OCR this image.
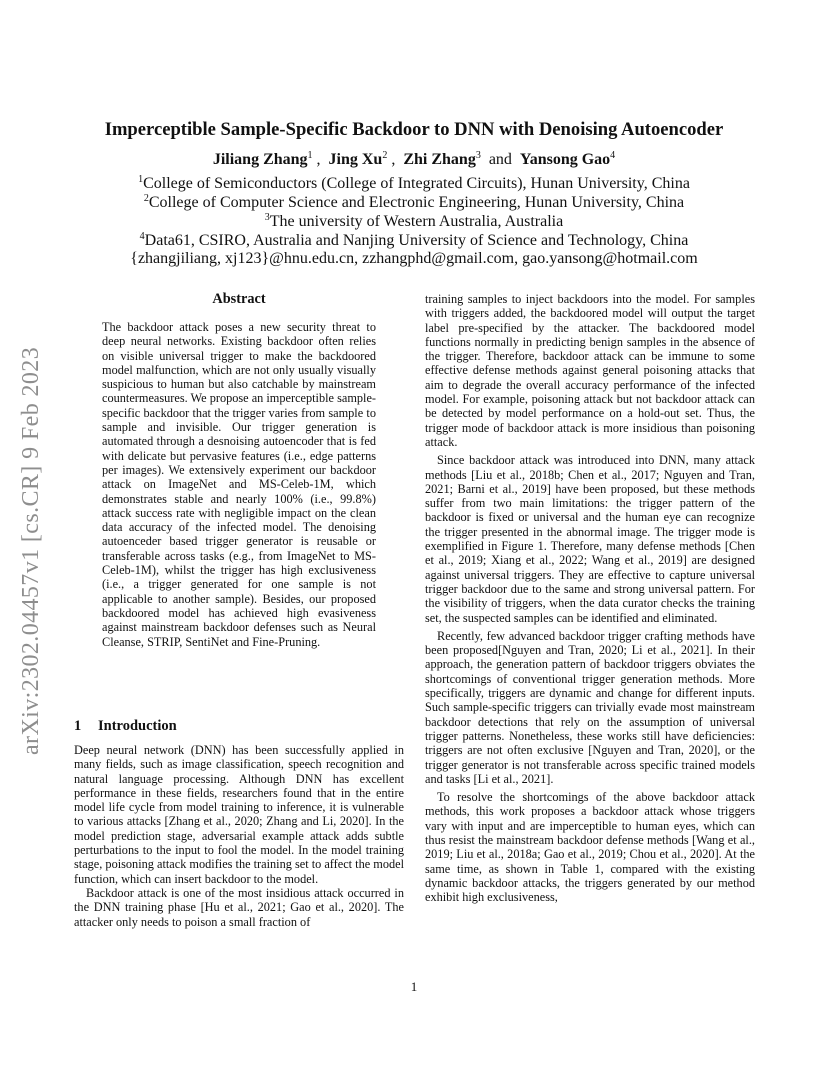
arXiv:2302.04457v1 [cs.CR] 9 Feb 2023
Imperceptible Sample-Specific Backdoor to DNN with Denoising Autoencoder
Jiliang Zhang$^1$ ,  Jing Xu$^2$ ,  Zhi Zhang$^3$ and Yansong Gao$^4$
$^1$College of Semiconductors (College of Integrated Circuits), Hunan University, China
$^2$College of Computer Science and Electronic Engineering, Hunan University, China
$^3$The university of Western Australia, Australia
$^4$Data61, CSIRO, Australia and Nanjing University of Science and Technology, China
{zhangjiliang, xj123}@hnu.edu.cn, zzhangphd@gmail.com, gao.yansong@hotmail.com
Abstract

The backdoor attack poses a new security threat to deep neural networks. Existing backdoor often relies on visible universal trigger to make the backdoored model malfunction, which are not only usually visually suspicious to human but also catchable by mainstream countermeasures. We propose an imperceptible sample-specific backdoor that the trigger varies from sample to sample and invisible. Our trigger generation is automated through a desnoising autoencoder that is fed with delicate but pervasive features (i.e., edge patterns per images). We extensively experiment our backdoor attack on ImageNet and MS-Celeb-1M, which demonstrates stable and nearly 100% (i.e., 99.8%) attack success rate with negligible impact on the clean data accuracy of the infected model. The denoising autoenceder based trigger generator is reusable or transferable across tasks (e.g., from ImageNet to MS-Celeb-1M), whilst the trigger has high exclusiveness (i.e., a trigger generated for one sample is not applicable to another sample). Besides, our proposed backdoored model has achieved high evasiveness against mainstream backdoor defenses such as Neural Cleanse, STRIP, SentiNet and Fine-Pruning.

1 Introduction

Deep neural network (DNN) has been successfully applied in many fields, such as image classification, speech recognition and natural language processing. Although DNN has excellent performance in these fields, researchers found that in the entire model life cycle from model training to inference, it is vulnerable to various attacks [Zhang et al., 2020; Zhang and Li, 2020]. In the model prediction stage, adversarial example attack adds subtle perturbations to the input to fool the model. In the model training stage, poisoning attack modifies the training set to affect the model function, which can insert backdoor to the model.

Backdoor attack is one of the most insidious attack occurred in the DNN training phase [Hu et al., 2021; Gao et al., 2020]. The attacker only needs to poison a small fraction of

training samples to inject backdoors into the model. For samples with triggers added, the backdoored model will output the target label pre-specified by the attacker. The backdoored model functions normally in predicting benign samples in the absence of the trigger. Therefore, backdoor attack can be immune to some effective defense methods against general poisoning attacks that aim to degrade the overall accuracy performance of the infected model. For example, poisoning attack but not backdoor attack can be detected by model performance on a hold-out set. Thus, the trigger mode of backdoor attack is more insidious than poisoning attack.

Since backdoor attack was introduced into DNN, many attack methods [Liu et al., 2018b; Chen et al., 2017; Nguyen and Tran, 2021; Barni et al., 2019] have been proposed, but these methods suffer from two main limitations: the trigger pattern of the backdoor is fixed or universal and the human eye can recognize the trigger presented in the abnormal image. The trigger mode is exemplified in Figure 1. Therefore, many defense methods [Chen et al., 2019; Xiang et al., 2022; Wang et al., 2019] are designed against universal triggers. They are effective to capture universal trigger backdoor due to the same and strong universal pattern. For the visibility of triggers, when the data curator checks the training set, the suspected samples can be identified and eliminated.

Recently, few advanced backdoor trigger crafting methods have been proposed[Nguyen and Tran, 2020; Li et al., 2021]. In their approach, the generation pattern of backdoor triggers obviates the shortcomings of conventional trigger generation methods. More specifically, triggers are dynamic and change for different inputs. Such sample-specific triggers can trivially evade most mainstream backdoor detections that rely on the assumption of universal trigger patterns. Nonetheless, these works still have deficiencies: triggers are not often exclusive [Nguyen and Tran, 2020], or the trigger generator is not transferable across specific trained models and tasks [Li et al., 2021].

To resolve the shortcomings of the above backdoor attack methods, this work proposes a backdoor attack whose triggers vary with input and are imperceptible to human eyes, which can thus resist the mainstream backdoor defense methods [Wang et al., 2019; Liu et al., 2018a; Gao et al., 2019; Chou et al., 2020]. At the same time, as shown in Table 1, compared with the existing dynamic backdoor attacks, the triggers generated by our method exhibit high exclusiveness,

1
